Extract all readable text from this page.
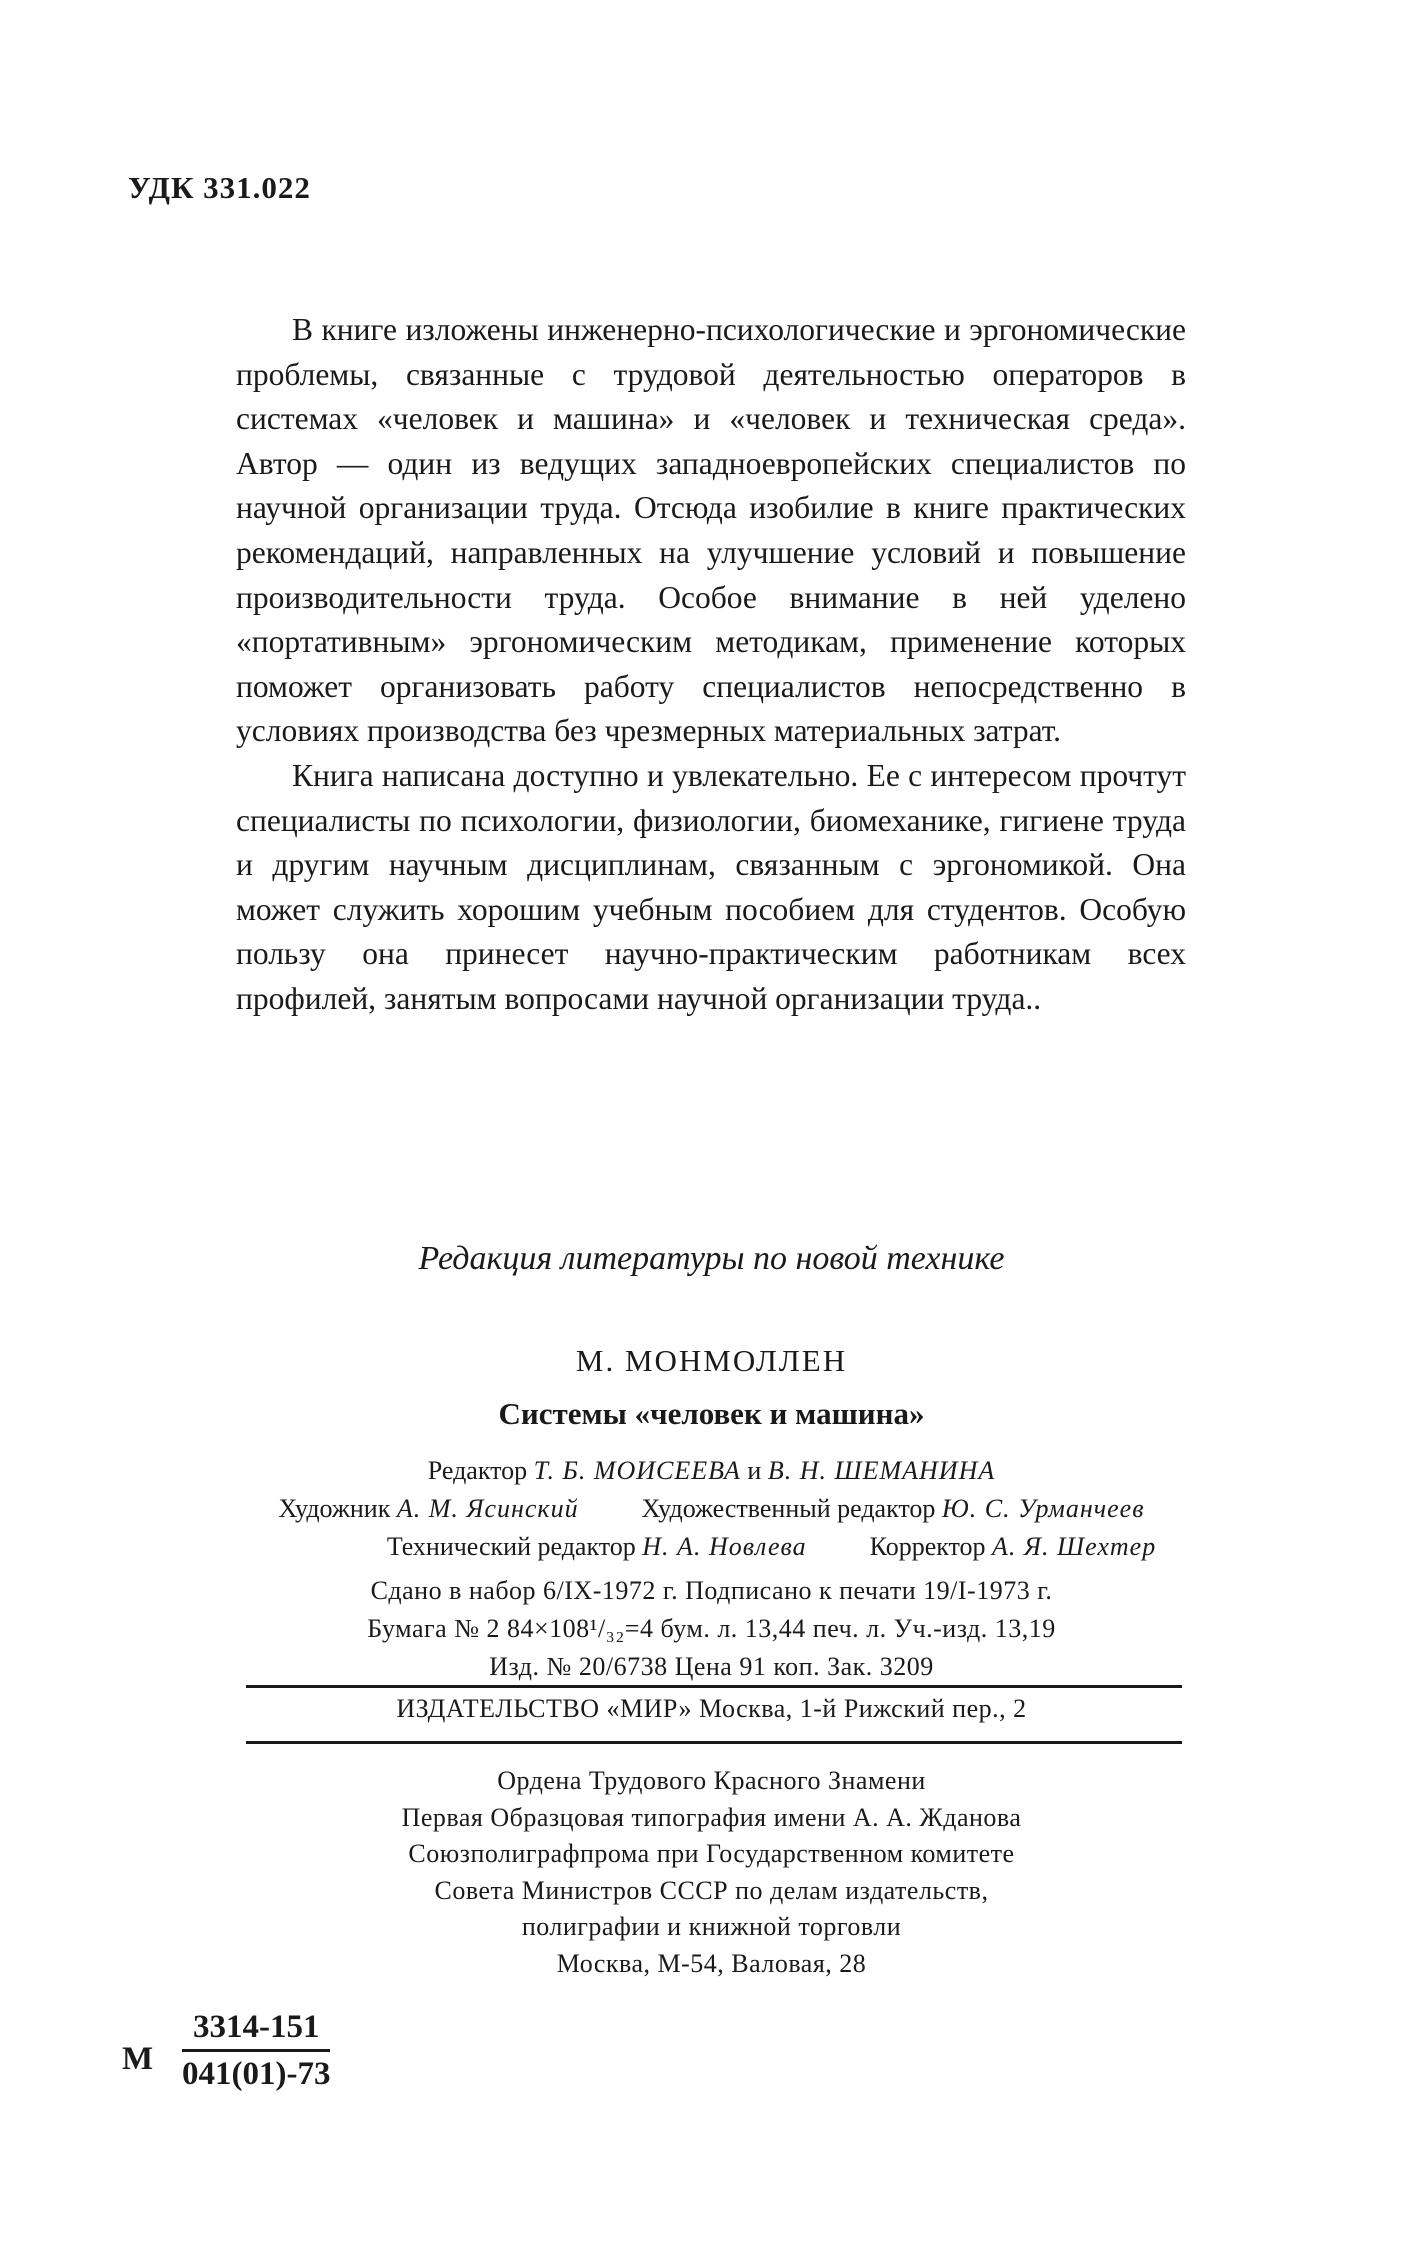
УДК 331.022

В книге изложены инженерно-психологические и эргономические проблемы, связанные с трудовой деятельностью операторов в системах «человек и машина» и «человек и техническая среда». Автор — один из ведущих западноевропейских специалистов по научной организации труда. Отсюда изобилие в книге практических рекомендаций, направленных на улучшение условий и повышение производительности труда. Особое внимание в ней уделено «портативным» эргономическим методикам, применение которых поможет организовать работу специалистов непосредственно в условиях производства без чрезмерных материальных затрат.

Книга написана доступно и увлекательно. Ее с интересом прочтут специалисты по психологии, физиологии, биомеханике, гигиене труда и другим научным дисциплинам, связанным с эргономикой. Она может служить хорошим учебным пособием для студентов. Особую пользу она принесет научно-практическим работникам всех профилей, занятым вопросами научной организации труда..

Редакция литературы по новой технике
М. МОНМОЛЛЕН
Системы «человек и машина»
Редактор Т. Б. МОИСЕЕВА и В. Н. ШЕМАНИНА
Художник А. М. Ясинский Художественный редактор Ю. С. Урманчеев
Технический редактор Н. А. Новлева Корректор А. Я. Шехтер
Сдано в набор 6/IX-1972 г. Подписано к печати 19/I-1973 г.
Бумага № 2 84×108¹/₃₂=4 бум. л. 13,44 печ. л. Уч.-изд. 13,19
Изд. № 20/6738 Цена 91 коп. Зак. 3209
ИЗДАТЕЛЬСТВО «МИР» Москва, 1-й Рижский пер., 2
Ордена Трудового Красного Знамени
Первая Образцовая типография имени А. А. Жданова
Союзполиграфпрома при Государственном комитете
Совета Министров СССР по делам издательств,
полиграфии и книжной торговли
Москва, М-54, Валовая, 28
М $\frac{3314-151}{041(01)-73}$
